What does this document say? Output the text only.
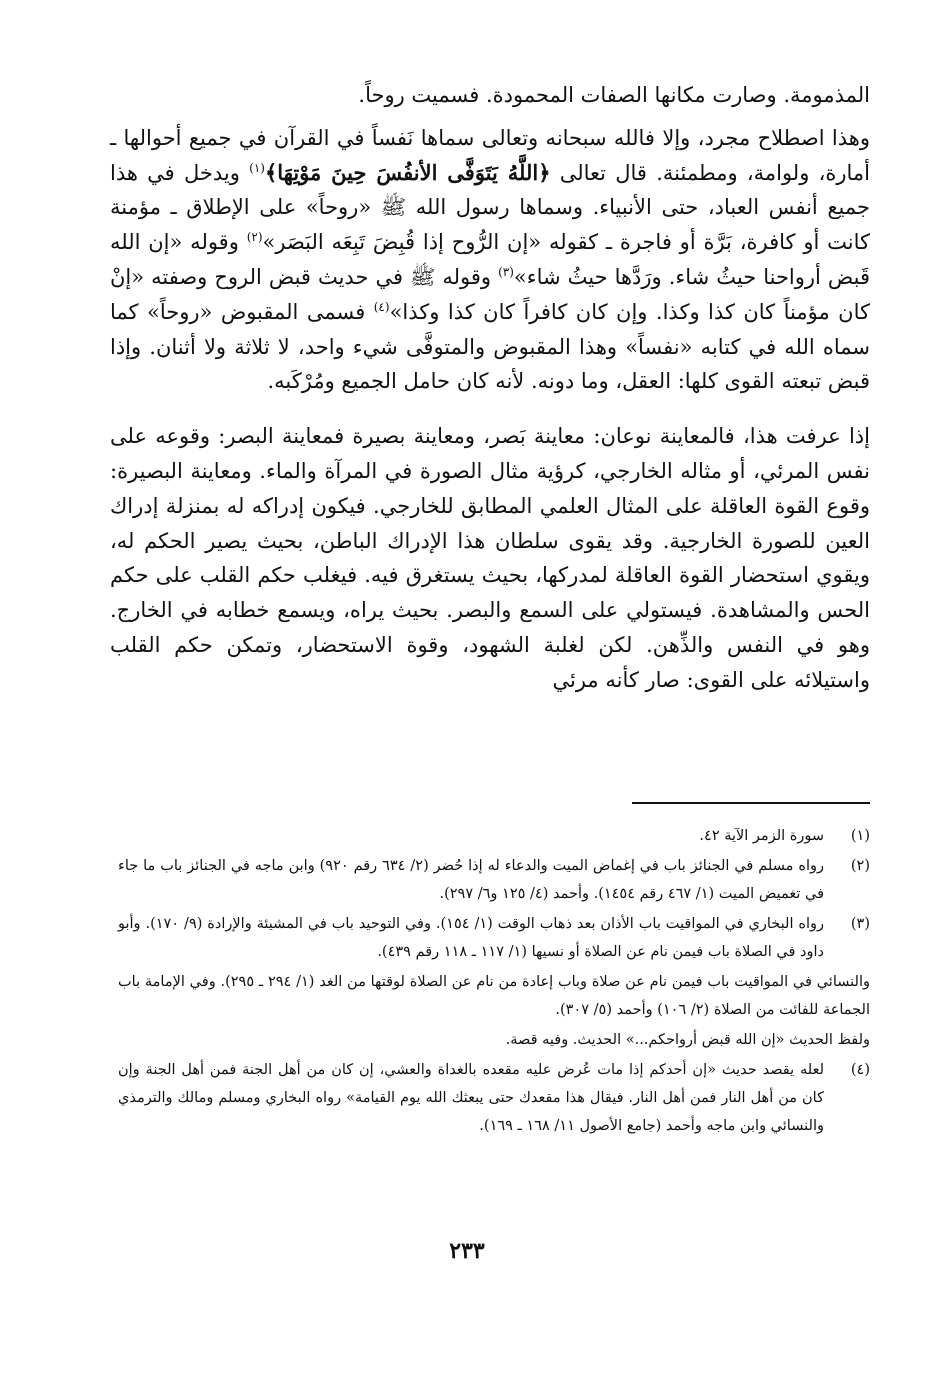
المذمومة. وصارت مكانها الصفات المحمودة. فسميت روحاً.

وهذا اصطلاح مجرد، وإلا فالله سبحانه وتعالى سماها نَفساً في القرآن في جميع أحوالها ـ أمارة، ولوامة، ومطمئنة. قال تعالى ﴿اللَّهُ يَتَوَفَّى الأنفُسَ حِينَ مَوْتِهَا﴾$^{(١)}$ ويدخل في هذا جميع أنفس العباد، حتى الأنبياء. وسماها رسول الله ﷺ «روحاً» على الإطلاق ـ مؤمنة كانت أو كافرة، بَرَّة أو فاجرة ـ كقوله «إن الرُّوح إذا قُبِضَ تَبِعَه البَصَر»$^{(٢)}$ وقوله «إن الله قَبض أرواحنا حيثُ شاء. ورَدَّها حيثُ شاء»$^{(٣)}$ وقوله ﷺ في حديث قبض الروح وصفته «إنْ كان مؤمناً كان كذا وكذا. وإن كان كافراً كان كذا وكذا»$^{(٤)}$ فسمى المقبوض «روحاً» كما سماه الله في كتابه «نفساً» وهذا المقبوض والمتوفَّى شيء واحد، لا ثلاثة ولا أثنان. وإذا قبض تبعته القوى كلها: العقل، وما دونه. لأنه كان حامل الجميع ومُرْكَبه.

إذا عرفت هذا، فالمعاينة نوعان: معاينة بَصر، ومعاينة بصيرة فمعاينة البصر: وقوعه على نفس المرئي، أو مثاله الخارجي، كرؤية مثال الصورة في المرآة والماء. ومعاينة البصيرة: وقوع القوة العاقلة على المثال العلمي المطابق للخارجي. فيكون إدراكه له بمنزلة إدراك العين للصورة الخارجية. وقد يقوى سلطان هذا الإدراك الباطن، بحيث يصير الحكم له، ويقوي استحضار القوة العاقلة لمدركها، بحيث يستغرق فيه. فيغلب حكم القلب على حكم الحس والمشاهدة. فيستولي على السمع والبصر. بحيث يراه، ويسمع خطابه في الخارج. وهو في النفس والذِّهن. لكن لغلبة الشهود، وقوة الاستحضار، وتمكن حكم القلب واستيلائه على القوى: صار كأنه مرئي

(١)
سورة الزمر الآية ٤٢.

(٢)
رواه مسلم في الجنائز باب في إغماض الميت والدعاء له إذا حُضر (٢/ ٦٣٤ رقم ٩٢٠) وابن ماجه في الجنائز باب ما جاء في تغميض الميت (١/ ٤٦٧ رقم ١٤٥٤). وأحمد (٤/ ١٢٥ و٦/ ٢٩٧).

(٣)
رواه البخاري في المواقيت باب الأذان بعد ذهاب الوقت (١/ ١٥٤). وفي التوحيد باب في المشيئة والإرادة (٩/ ١٧٠). وأبو داود في الصلاة باب فيمن نام عن الصلاة أو نسيها (١/ ١١٧ ـ ١١٨ رقم ٤٣٩).

والنسائي في المواقيت باب فيمن نام عن صلاة وباب إعادة من نام عن الصلاة لوقتها من الغد (١/ ٢٩٤ ـ ٢٩٥). وفي الإمامة باب الجماعة للفائت من الصلاة (٢/ ١٠٦) وأحمد (٥/ ٣٠٧).

ولفظ الحديث «إن الله قبض أرواحكم...» الحديث. وفيه قصة.

(٤)
لعله يقصد حديث «إن أحدكم إذا مات عُرض عليه مقعده بالغداة والعشي، إن كان من أهل الجنة فمن أهل الجنة وإن كان من أهل النار فمن أهل النار. فيقال هذا مقعدك حتى يبعثك الله يوم القيامة» رواه البخاري ومسلم ومالك والترمذي والنسائي وابن ماجه وأحمد (جامع الأصول ١١/ ١٦٨ ـ ١٦٩).

٢٣٣
